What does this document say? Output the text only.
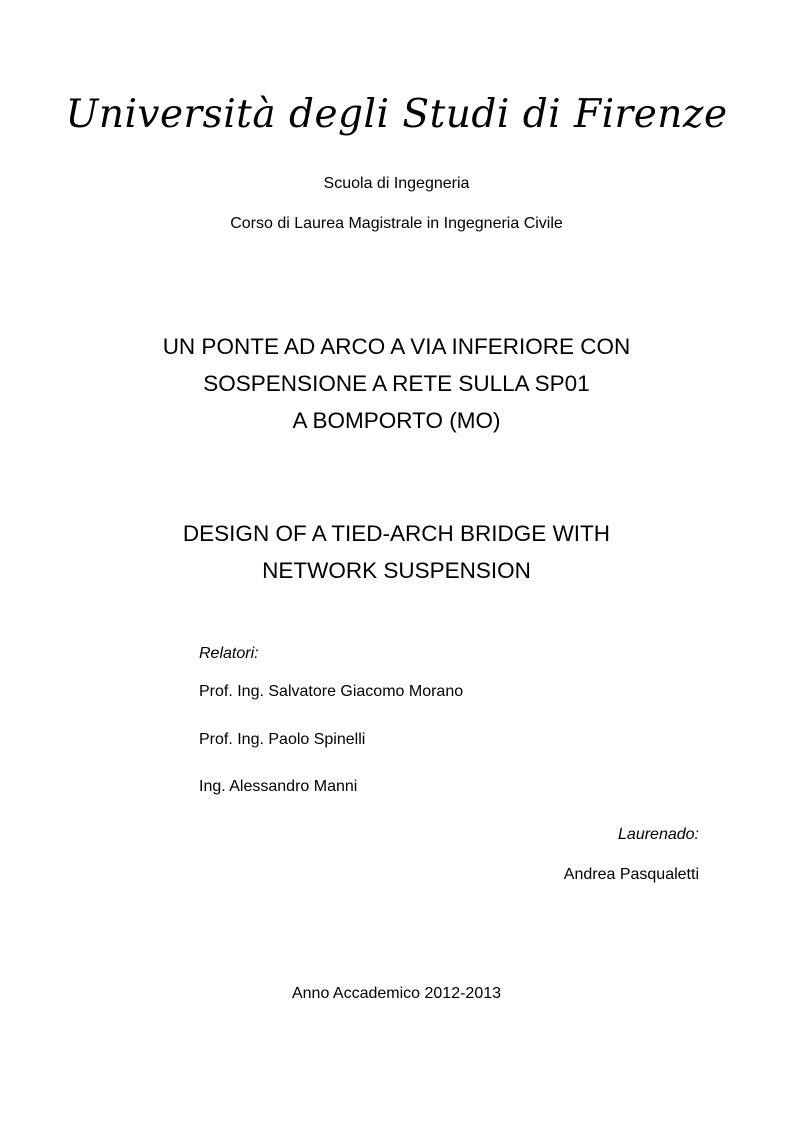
Università degli Studi di Firenze
Scuola di Ingegneria
Corso di Laurea Magistrale in Ingegneria Civile
UN PONTE AD ARCO A VIA INFERIORE CON
SOSPENSIONE A RETE SULLA SP01
A BOMPORTO (MO)
DESIGN OF A TIED-ARCH BRIDGE WITH
NETWORK SUSPENSION
Relatori:
Prof. Ing. Salvatore Giacomo Morano
Prof. Ing. Paolo Spinelli
Ing. Alessandro Manni
Laurenado:
Andrea Pasqualetti
Anno Accademico 2012-2013
